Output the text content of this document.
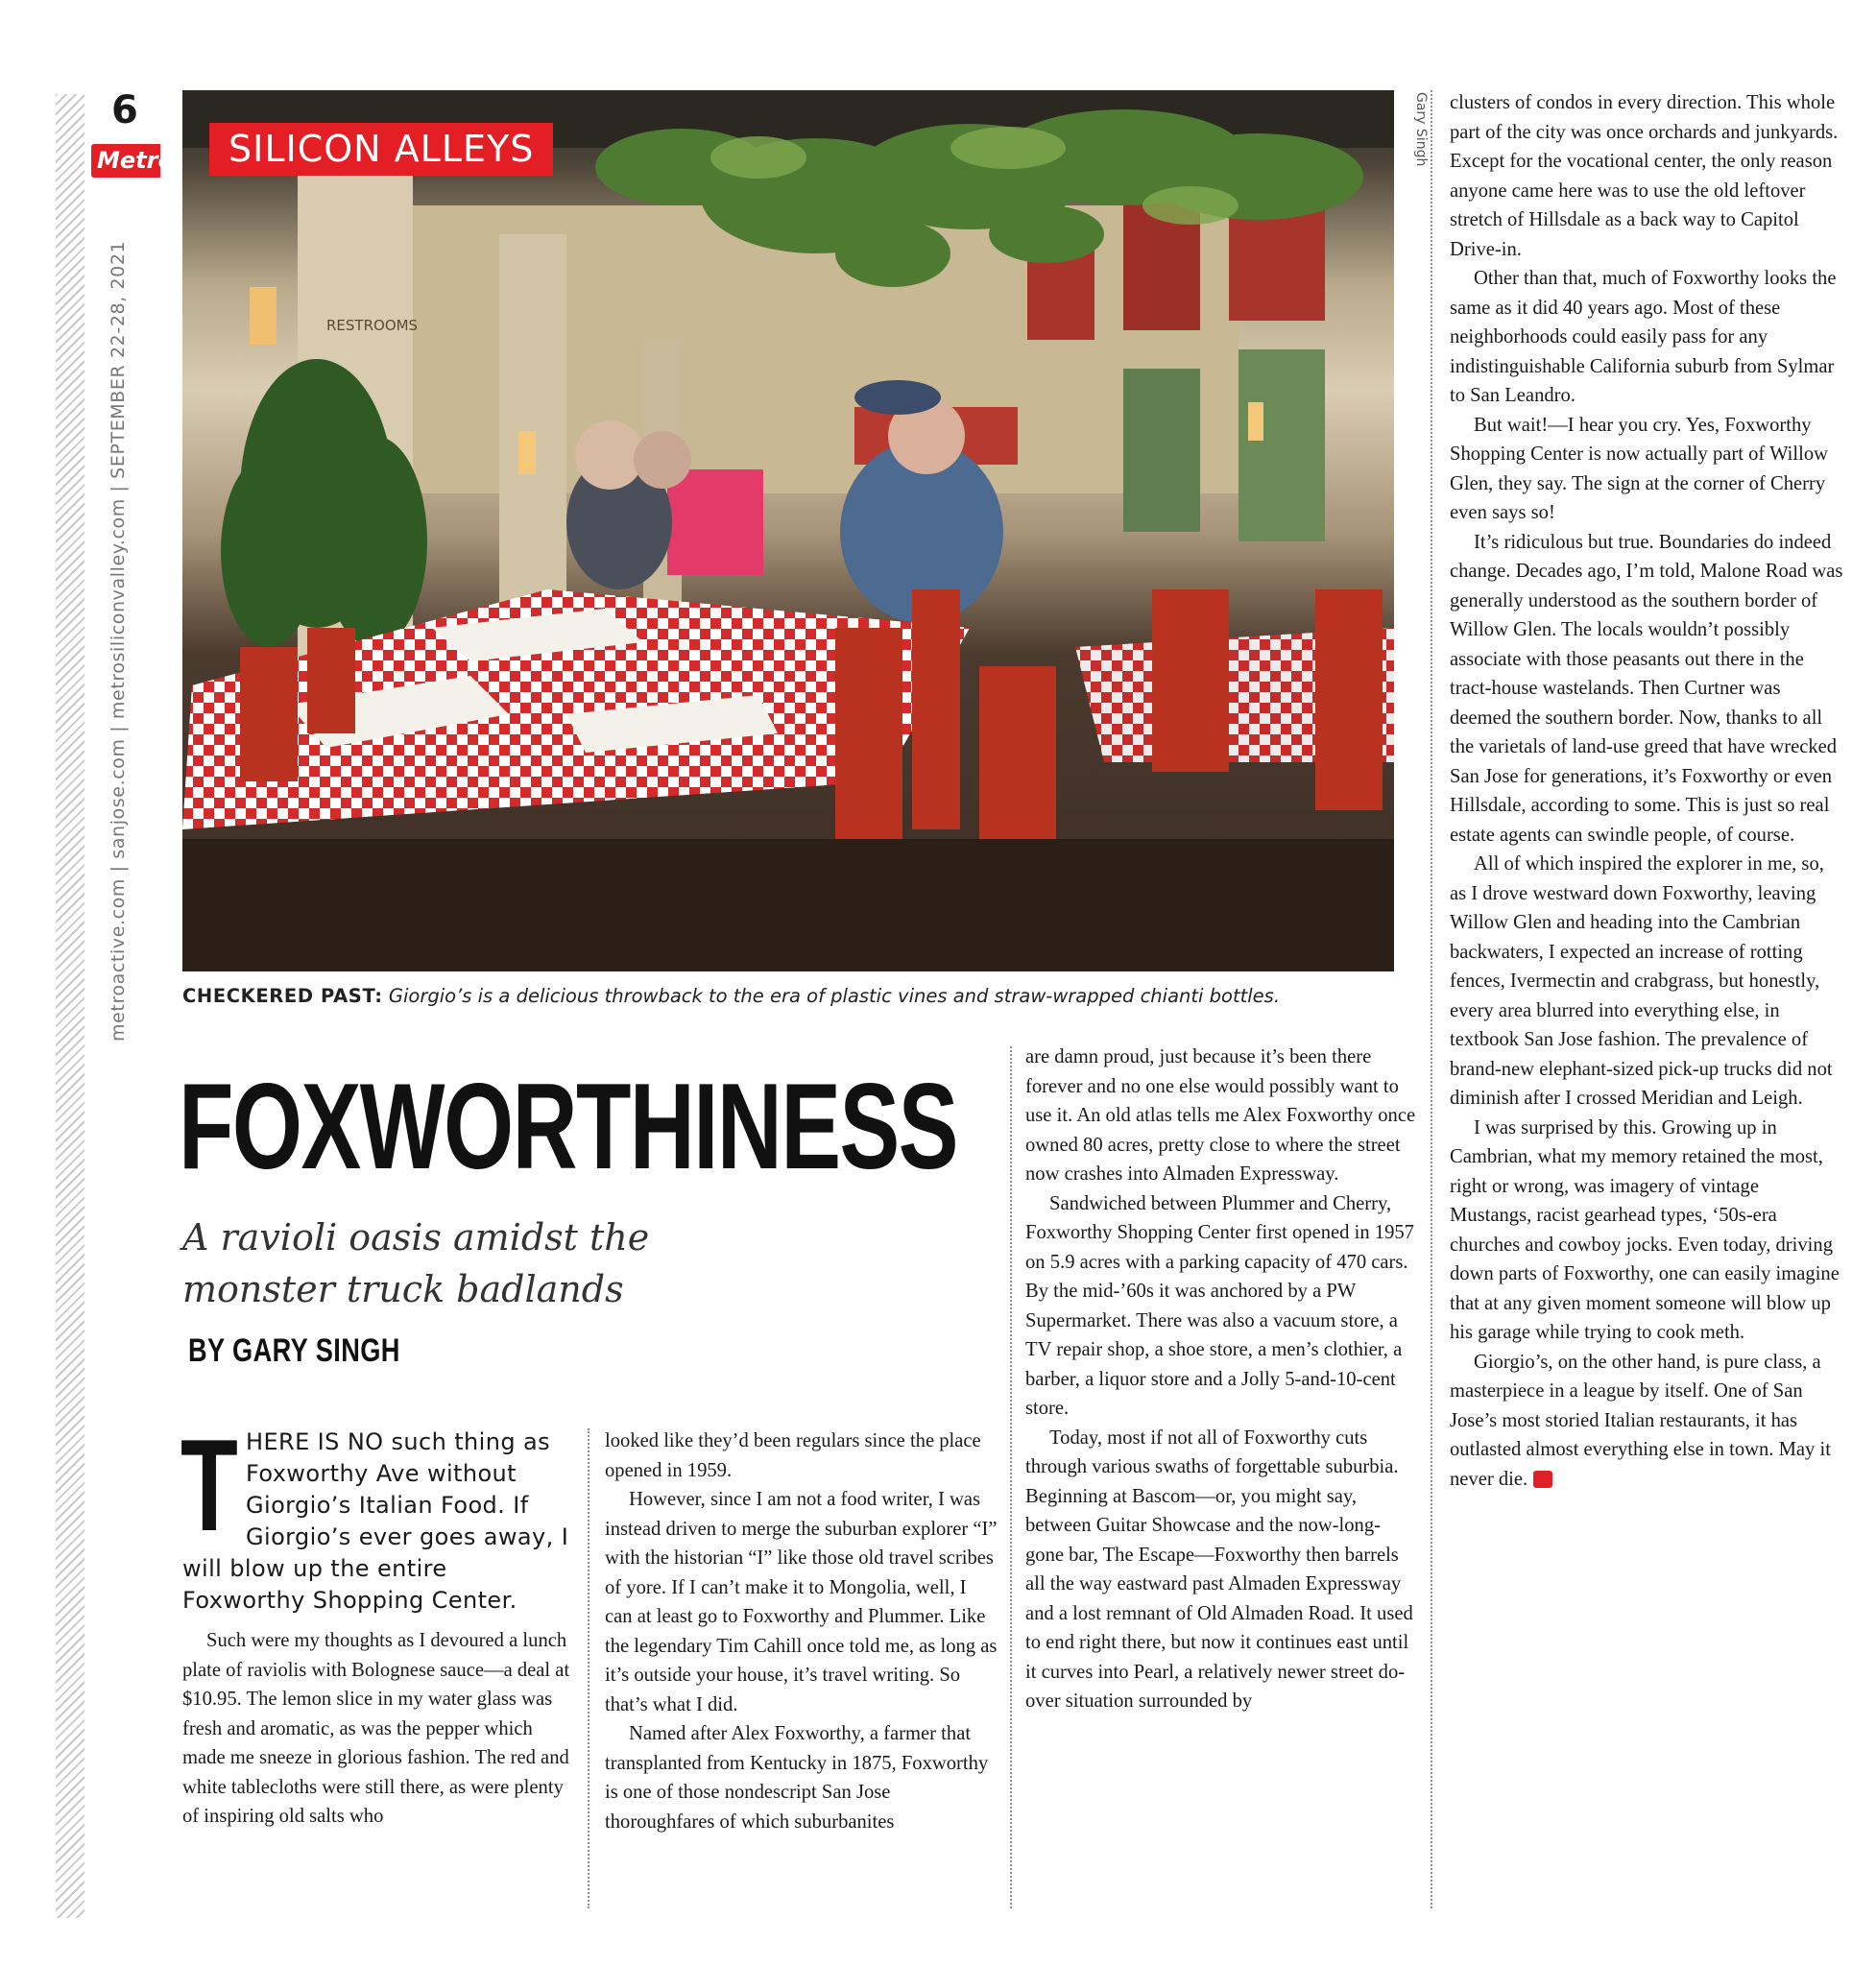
6
Metro
metroactive.com | sanjose.com | metrosiliconvalley.com | SEPTEMBER 22-28, 2021	RESTROOMS
SILICON ALLEYS	Gary Singh
CHECKERED PAST: Giorgio’s is a delicious throwback to the era of plastic vines and straw-wrapped chianti bottles.
FOXWORTHINESS
A ravioli oasis amidst the monster truck badlands
BY GARY SINGH
THERE IS NO such thing as Foxworthy Ave without Giorgio’s Italian Food. If Giorgio’s ever goes away, I will blow up the entire Foxworthy Shopping Center.

Such were my thoughts as I devoured a lunch plate of raviolis with Bolognese sauce—a deal at $10.95. The lemon slice in my water glass was fresh and aromatic, as was the pepper which made me sneeze in glorious fashion. The red and white tablecloths were still there, as were plenty of inspiring old salts who

looked like they’d been regulars since the place opened in 1959.

However, since I am not a food writer, I was instead driven to merge the suburban explorer “I” with the historian “I” like those old travel scribes of yore. If I can’t make it to Mongolia, well, I can at least go to Foxworthy and Plummer. Like the legendary Tim Cahill once told me, as long as it’s outside your house, it’s travel writing. So that’s what I did.

Named after Alex Foxworthy, a farmer that transplanted from Kentucky in 1875, Foxworthy is one of those nondescript San Jose thoroughfares of which suburbanites

are damn proud, just because it’s been there forever and no one else would possibly want to use it. An old atlas tells me Alex Foxworthy once owned 80 acres, pretty close to where the street now crashes into Almaden Expressway.

Sandwiched between Plummer and Cherry, Foxworthy Shopping Center first opened in 1957 on 5.9 acres with a parking capacity of 470 cars. By the mid-’60s it was anchored by a PW Supermarket. There was also a vacuum store, a TV repair shop, a shoe store, a men’s clothier, a barber, a liquor store and a Jolly 5-and-10-cent store.

Today, most if not all of Foxworthy cuts through various swaths of forgettable suburbia. Beginning at Bascom—or, you might say, between Guitar Showcase and the now-long-gone bar, The Escape—Foxworthy then barrels all the way eastward past Almaden Expressway and a lost remnant of Old Almaden Road. It used to end right there, but now it continues east until it curves into Pearl, a relatively newer street do-over situation surrounded by

clusters of condos in every direction. This whole part of the city was once orchards and junkyards. Except for the vocational center, the only reason anyone came here was to use the old leftover stretch of Hillsdale as a back way to Capitol Drive-in.

Other than that, much of Foxworthy looks the same as it did 40 years ago. Most of these neighborhoods could easily pass for any indistinguishable California suburb from Sylmar to San Leandro.

But wait!—I hear you cry. Yes, Foxworthy Shopping Center is now actually part of Willow Glen, they say. The sign at the corner of Cherry even says so!

It’s ridiculous but true. Boundaries do indeed change. Decades ago, I’m told, Malone Road was generally understood as the southern border of Willow Glen. The locals wouldn’t possibly associate with those peasants out there in the tract-house wastelands. Then Curtner was deemed the southern border. Now, thanks to all the varietals of land-use greed that have wrecked San Jose for generations, it’s Foxworthy or even Hillsdale, according to some. This is just so real estate agents can swindle people, of course.

All of which inspired the explorer in me, so, as I drove westward down Foxworthy, leaving Willow Glen and heading into the Cambrian backwaters, I expected an increase of rotting fences, Ivermectin and crabgrass, but honestly, every area blurred into everything else, in textbook San Jose fashion. The prevalence of brand-new elephant-sized pick-up trucks did not diminish after I crossed Meridian and Leigh.

I was surprised by this. Growing up in Cambrian, what my memory retained the most, right or wrong, was imagery of vintage Mustangs, racist gearhead types, ‘50s-era churches and cowboy jocks. Even today, driving down parts of Foxworthy, one can easily imagine that at any given moment someone will blow up his garage while trying to cook meth.

Giorgio’s, on the other hand, is pure class, a masterpiece in a league by itself. One of San Jose’s most storied Italian restaurants, it has outlasted almost everything else in town. May it never die. M
